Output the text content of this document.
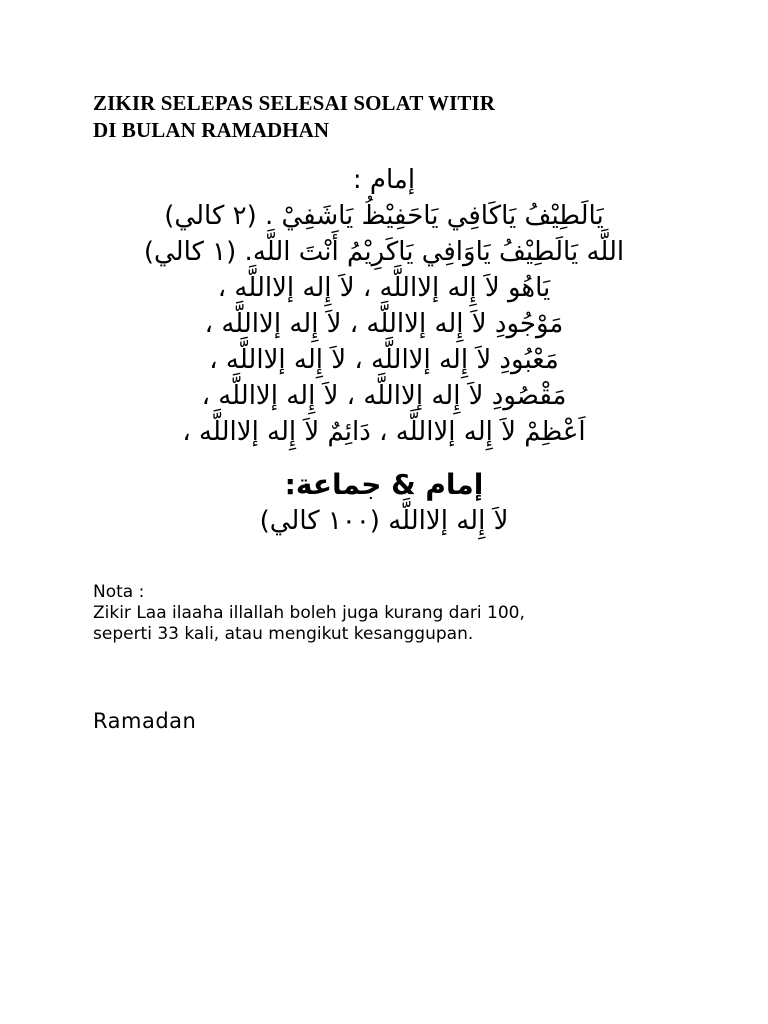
ZIKIR SELEPAS SELESAI SOLAT WITIR
DI BULAN RAMADHAN
إمام :
يَالَطِيْفُ يَاكَافِي يَاحَفِيْظُ يَاشَفِيْ . (٢ كالي)
اللَّه يَالَطِيْفُ يَاوَافِي يَاكَرِيْمُ أَنْتَ اللَّه. (١ كالي)
يَاهُو لاَ إِله إلااللَّه ، لاَ إِله إلااللَّه ،
مَوْجُودِ لاَ إِله إلااللَّه ، لاَ إِله إلااللَّه ،
مَعْبُودِ لاَ إِله إلااللَّه ، لاَ إِله إلااللَّه ،
مَقْصُودِ لاَ إِله إلااللَّه ، لاَ إِله إلااللَّه ،
اَعْظِمْ لاَ إِله إلااللَّه ، دَائِمٌ لاَ إِله إلااللَّه ،
إمام & جماعة:
لاَ إِله إلااللَّه (١٠٠ كالي)
Nota :
Zikir Laa ilaaha illallah boleh juga kurang dari 100,
seperti 33 kali, atau mengikut kesanggupan.
Ramadan
